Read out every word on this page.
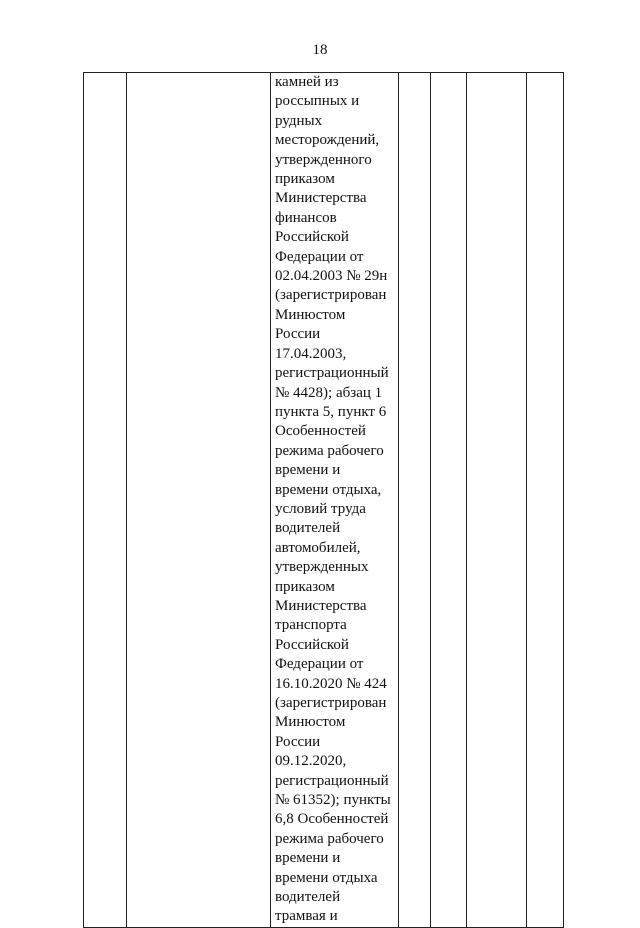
18

камней из
россыпных и
рудных
месторождений,
утвержденного
приказом
Министерства
финансов
Российской
Федерации от
02.04.2003 № 29н
(зарегистрирован
Минюстом
России
17.04.2003,
регистрационный
№ 4428); абзац 1
пункта 5, пункт 6
Особенностей
режима рабочего
времени и
времени отдыха,
условий труда
водителей
автомобилей,
утвержденных
приказом
Министерства
транспорта
Российской
Федерации от
16.10.2020 № 424
(зарегистрирован
Минюстом
России
09.12.2020,
регистрационный
№ 61352); пункты
6,8 Особенностей
режима рабочего
времени и
времени отдыха
водителей
трамвая и
